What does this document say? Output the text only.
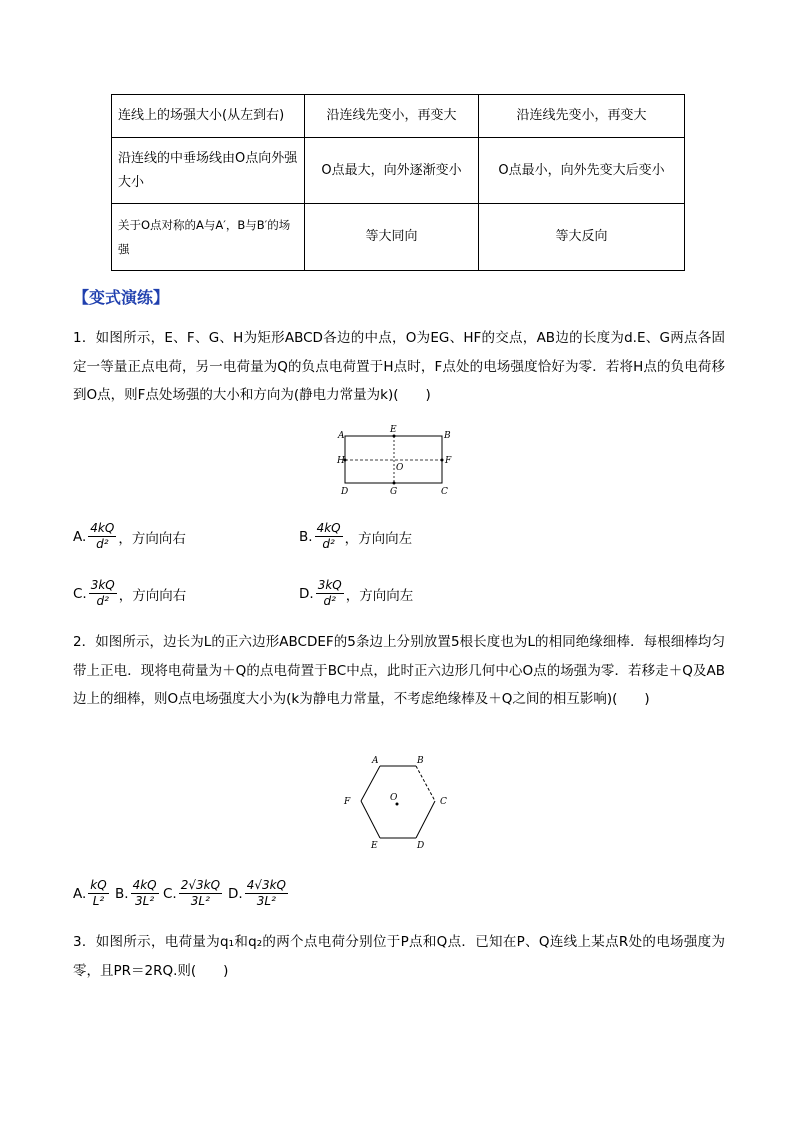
连线上的场强大小(从左到右)	沿连线先变小，再变大	沿连线先变小，再变大
沿连线的中垂场线由O点向外强大小	O点最大，向外逐渐变小	O点最小，向外先变大后变小
关于O点对称的A与A′，B与B′的场强	等大同向	等大反向
【变式演练】
1．如图所示，E、F、G、H为矩形ABCD各边的中点，O为EG、HF的交点，AB边的长度为d.E、G两点各固定一等量正点电荷，另一电荷量为Q的负点电荷置于H点时，F点处的电场强度恰好为零．若将H点的负电荷移到O点，则F点处场强的大小和方向为(静电力常量为k)(　　)
A
E
B
H
O
F
D	G	C
A. $\frac{4kQ}{\text{d²}}$ ，方向向右	B. $\frac{4kQ}{\text{d²}}$ ，方向向左
C. $\frac{3kQ}{\text{d²}}$ ，方向向右	D. $\frac{3kQ}{\text{d²}}$ ，方向向左
2．如图所示，边长为L的正六边形ABCDEF的5条边上分别放置5根长度也为L的相同绝缘细棒．每根细棒均匀带上正电．现将电荷量为＋Q的点电荷置于BC中点，此时正六边形几何中心O点的场强为零．若移走＋Q及AB边上的细棒，则O点电场强度大小为(k为静电力常量，不考虑绝缘棒及＋Q之间的相互影响)(　　)
A	B
F	O	C
E	D
A. $\frac{kQ}{\text{L²}} B$. $\frac{4kQ}{\text{3L²}} C$. $\frac{2√3kQ}{\text{3L²}} D$. $\frac{4√3kQ}{\text{3L²}}$
3．如图所示，电荷量为q₁和q₂的两个点电荷分别位于P点和Q点．已知在P、Q连线上某点R处的电场强度为零，且PR＝2RQ.则(　　)
